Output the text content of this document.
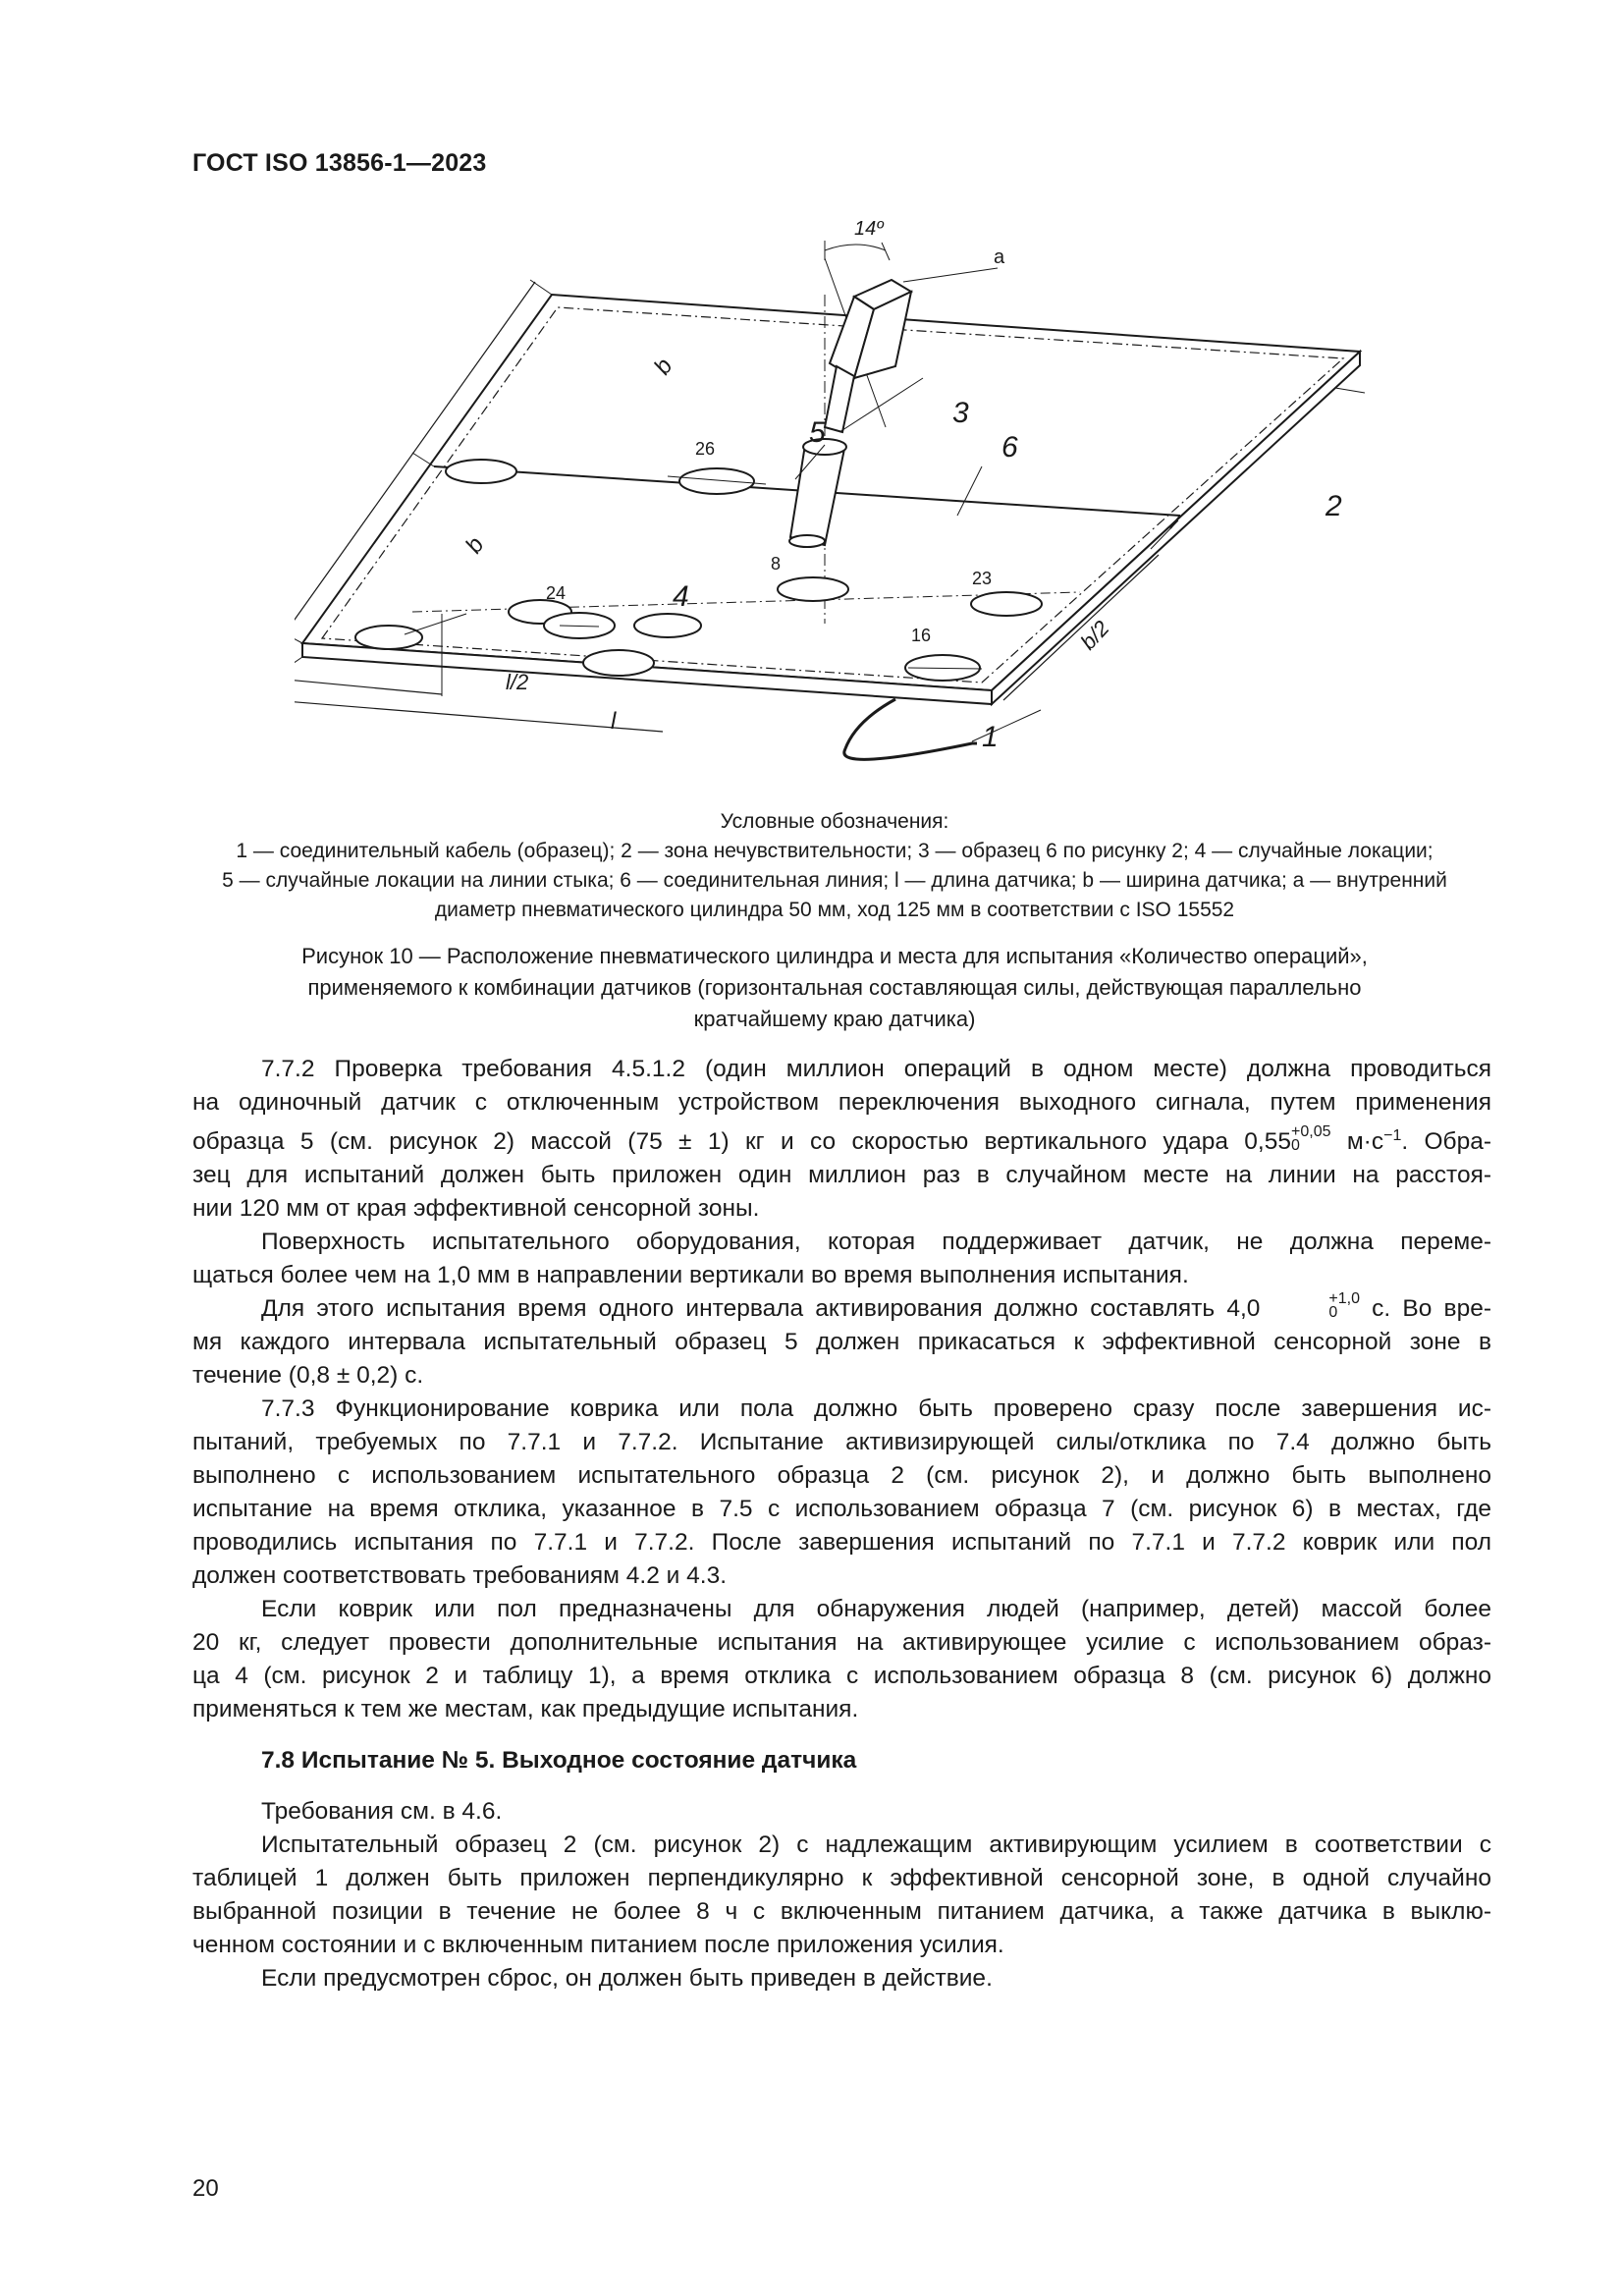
ГОСТ ISO 13856-1—2023
14º
а
3
5	6
2
4
1
b
b
b/2
l/2
l
26
8
23
24
16
Условные обозначения:
1 — соединительный кабель (образец); 2 — зона нечувствительности; 3 — образец 6 по рисунку 2; 4 — случайные локации;
5 — случайные локации на линии стыка; 6 — соединительная линия; l — длина датчика; b — ширина датчика; а — внутренний
диаметр пневматического цилиндра 50 мм, ход 125 мм в соответствии с ISO 15552
Рисунок 10 — Расположение пневматического цилиндра и места для испытания «Количество операций»,
применяемого к комбинации датчиков (горизонтальная составляющая силы, действующая параллельно
кратчайшему краю датчика)

7.7.2 Проверка требования 4.5.1.2 (один миллион операций в одном месте) должна проводиться
на одиночный датчик с отключенным устройством переключения выходного сигнала, путем применения
образца 5 (см. рисунок 2) массой (75 ± 1) кг и со скоростью вертикального удара 0,55 +0,05
0	$м\cdot с^{-1}$. Обра-
зец для испытаний должен быть приложен один миллион раз в случайном месте на линии на расстоя-
нии 120 мм от края эффективной сенсорной зоны.

Поверхность испытательного оборудования, которая поддерживает датчик, не должна переме-
щаться более чем на 1,0 мм в направлении вертикали во время выполнения испытания.

Для этого испытания время одного интервала активирования должно составлять 4,0	+1,0
0 с. Во вре-
мя каждого интервала испытательный образец 5 должен прикасаться к эффективной сенсорной зоне в
течение (0,8 ± 0,2) с.

7.7.3 Функционирование коврика или пола должно быть проверено сразу после завершения ис-
пытаний, требуемых по 7.7.1 и 7.7.2. Испытание активизирующей силы/отклика по 7.4 должно быть
выполнено с использованием испытательного образца 2 (см. рисунок 2), и должно быть выполнено
испытание на время отклика, указанное в 7.5 с использованием образца 7 (см. рисунок 6) в местах, где
проводились испытания по 7.7.1 и 7.7.2. После завершения испытаний по 7.7.1 и 7.7.2 коврик или пол
должен соответствовать требованиям 4.2 и 4.3.

Если коврик или пол предназначены для обнаружения людей (например, детей) массой более
20 кг, следует провести дополнительные испытания на активирующее усилие с использованием образ-
ца 4 (см. рисунок 2 и таблицу 1), а время отклика с использованием образца 8 (см. рисунок 6) должно
применяться к тем же местам, как предыдущие испытания.

7.8 Испытание № 5. Выходное состояние датчика

Требования см. в 4.6.

Испытательный образец 2 (см. рисунок 2) с надлежащим активирующим усилием в соответствии с
таблицей 1 должен быть приложен перпендикулярно к эффективной сенсорной зоне, в одной случайно
выбранной позиции в течение не более 8 ч с включенным питанием датчика, а также датчика в выклю-
ченном состоянии и с включенным питанием после приложения усилия.

Если предусмотрен сброс, он должен быть приведен в действие.

20
